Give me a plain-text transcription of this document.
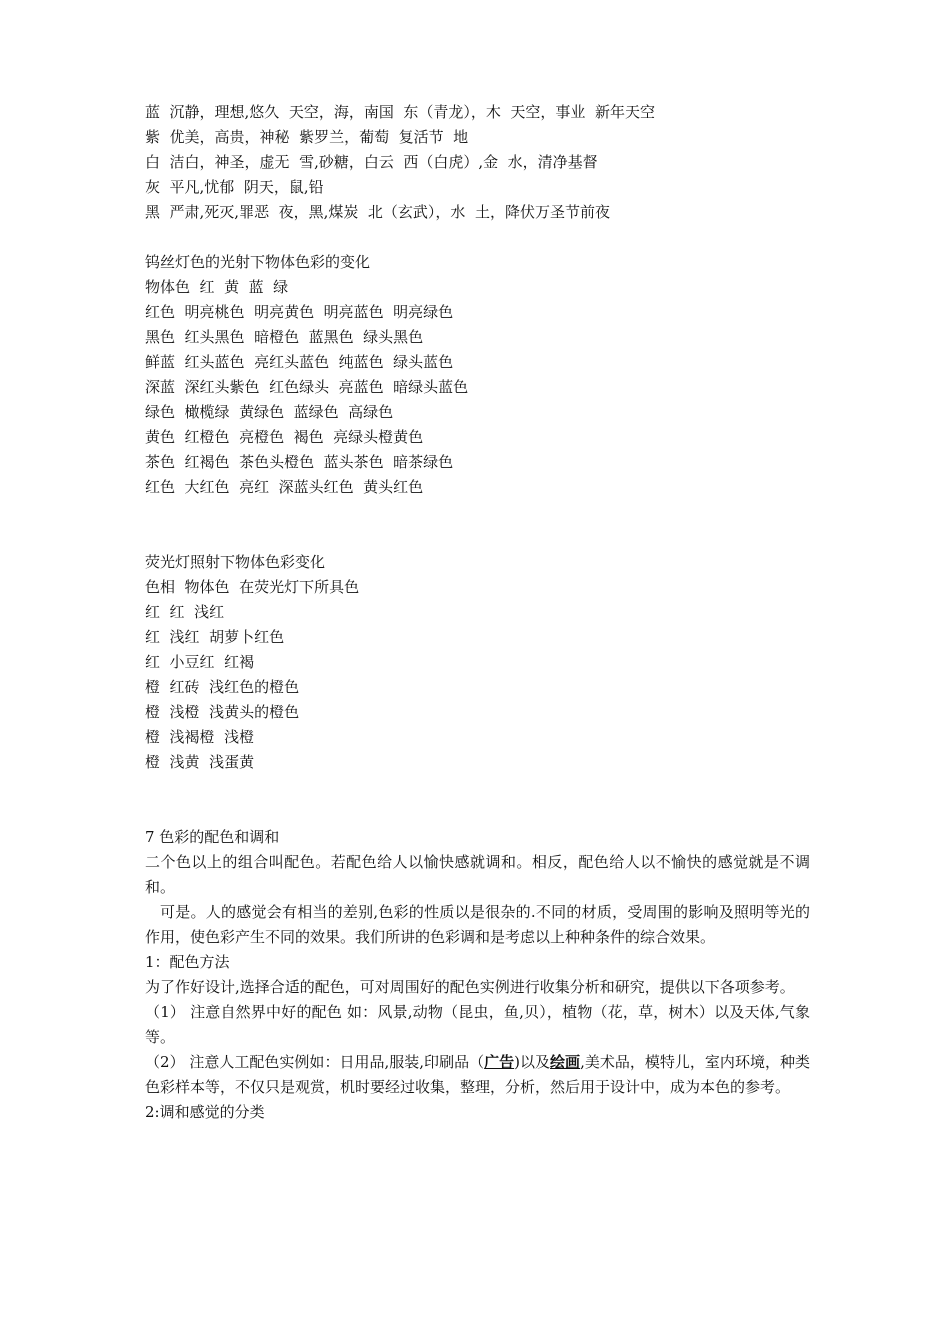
蓝  沉静，理想,悠久  天空，海，南国  东（青龙），木  天空，事业  新年天空
紫  优美，高贵，神秘  紫罗兰，葡萄  复活节  地
白  洁白，神圣，虚无  雪,砂糖，白云  西（白虎）,金  水，清净基督
灰  平凡,忧郁  阴天，鼠,铅
黑  严肃,死灭,罪恶  夜，黑,煤炭  北（玄武），水  土，降伏万圣节前夜
钨丝灯色的光射下物体色彩的变化
物体色  红  黄  蓝  绿
红色  明亮桃色  明亮黄色  明亮蓝色  明亮绿色
黑色  红头黑色  暗橙色  蓝黑色  绿头黑色
鲜蓝  红头蓝色  亮红头蓝色  纯蓝色  绿头蓝色
深蓝  深红头紫色  红色绿头  亮蓝色  暗绿头蓝色
绿色  橄榄绿  黄绿色  蓝绿色  高绿色
黄色  红橙色  亮橙色  褐色  亮绿头橙黄色
茶色  红褐色  茶色头橙色  蓝头茶色  暗茶绿色
红色  大红色  亮红  深蓝头红色  黄头红色
荧光灯照射下物体色彩变化
色相  物体色  在荧光灯下所具色
红  红  浅红
红  浅红  胡萝卜红色
红  小豆红  红褐
橙  红砖  浅红色的橙色
橙  浅橙  浅黄头的橙色
橙  浅褐橙  浅橙
橙  浅黄  浅蛋黄
7 色彩的配色和调和
二个色以上的组合叫配色。若配色给人以愉快感就调和。相反，配色给人以不愉快的感觉就是不调和。
可是。人的感觉会有相当的差别,色彩的性质以是很杂的.不同的材质，受周围的影响及照明等光的作用，使色彩产生不同的效果。我们所讲的色彩调和是考虑以上种种条件的综合效果。
1：配色方法
为了作好设计,选择合适的配色，可对周围好的配色实例进行收集分析和研究，提供以下各项参考。
（1） 注意自然界中好的配色 如：风景,动物（昆虫，鱼,贝），植物（花，草，树木）以及天体,气象等。
（2） 注意人工配色实例如：日用品,服装,印刷品（广告)以及绘画,美术品，模特儿，室内环境，种类色彩样本等，不仅只是观赏，机时要经过收集，整理，分析，然后用于设计中，成为本色的参考。
2:调和感觉的分类
